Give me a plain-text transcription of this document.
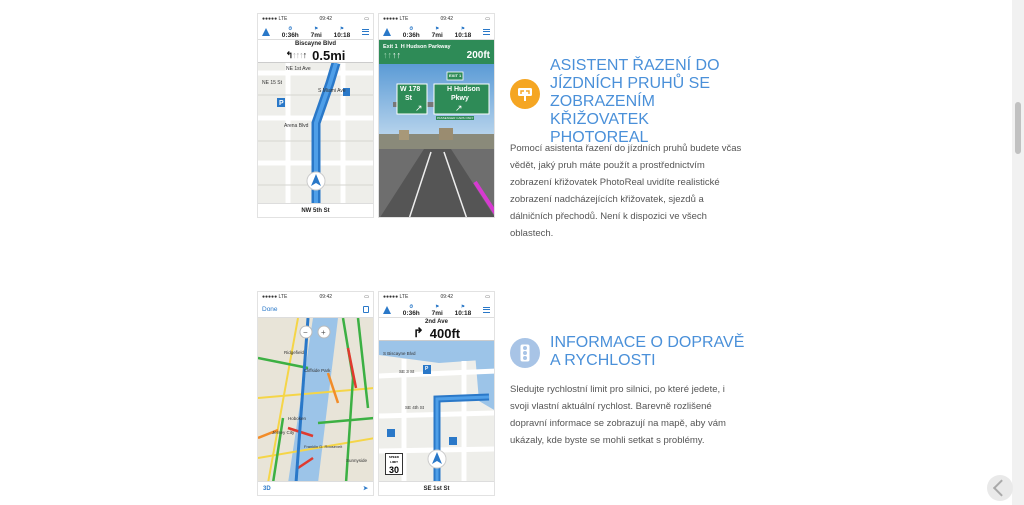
●●●●● LTE	09:42	▭
⏱
0:36h
⚑
7mi
⚑
10:18
Biscayne Blvd
↰↑↑↑↑ 0.5mi
P
NE 1st Ave
NE 15 St
S Miami Ave
Arena Blvd
NW 5th St
●●●●● LTE	09:42	▭
⏱
0:36h
⚑
7mi
⚑
10:18
Exit 1 H Hudson Parkway
↑↑↑↑	200ft
↗	↗
EXIT 1
W 178
St
H Hudson
Pkwy
PASSENGER CARS ONLY
ASISTENT ŘAZENÍ DO JÍZDNÍCH PRUHŮ SE ZOBRAZENÍM KŘIŽOVATEK PHOTOREAL

Pomocí asistenta řazení do jízdních pruhů budete včas vědět, jaký pruh máte použít a prostřednictvím zobrazení křižovatek PhotoReal uvidíte realistické zobrazení nadcházejících křižovatek, sjezdů a dálničních přechodů. Není k dispozici ve všech oblastech.

●●●●● LTE	09:42	▭
Done
− +
Ridgefield
Cliffside Park
Hoboken
Jersey City
Franklin D. Roosevelt
Sunnyside
3D	➤
●●●●● LTE	09:42	▭
⏱
0:36h
⚑
7mi
⚑
10:18
2nd Ave
↱ 400ft
S Biscayne Blvd
SE 3 St
SE 4th St
P
SPEED LIMIT
30
SE 1st St
INFORMACE O DOPRAVĚ A RYCHLOSTI

Sledujte rychlostní limit pro silnici, po které jedete, i svoji vlastní aktuální rychlost. Barevně rozlišené dopravní informace se zobrazují na mapě, aby vám ukázaly, kde byste se mohli setkat s problémy.
